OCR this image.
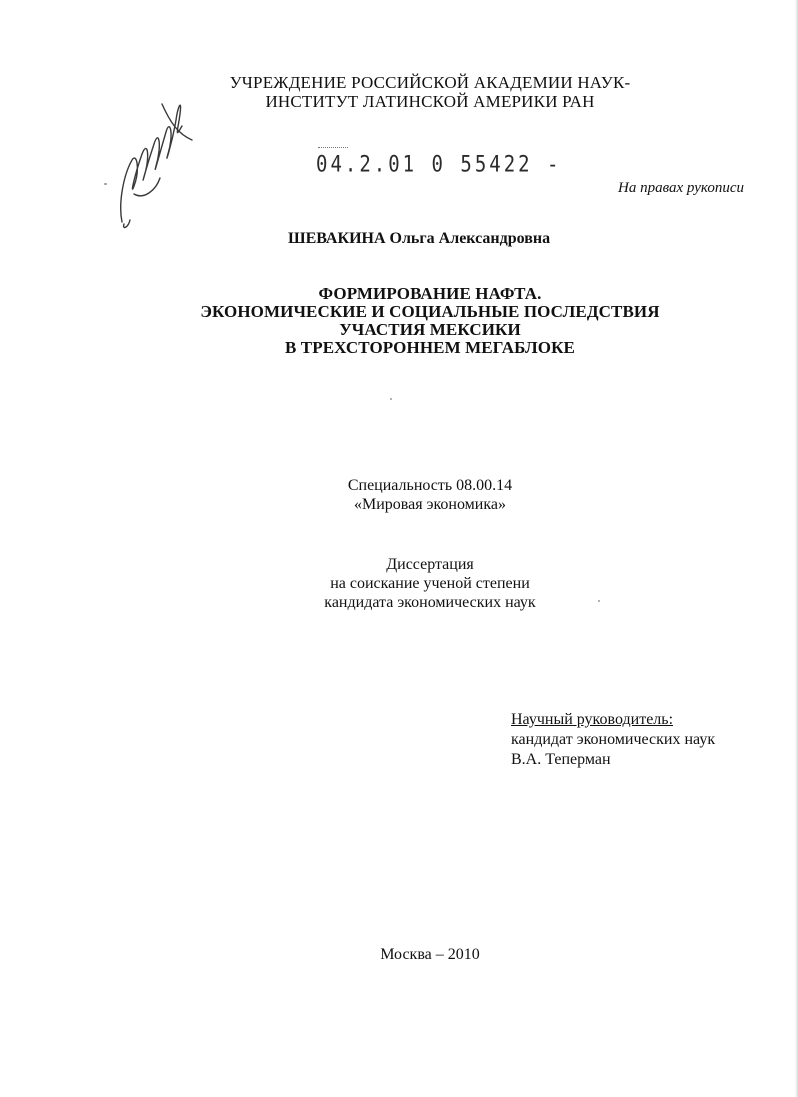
УЧРЕЖДЕНИЕ РОССИЙСКОЙ АКАДЕМИИ НАУК-
ИНСТИТУТ ЛАТИНСКОЙ АМЕРИКИ РАН
04.2.01 0 55422 -
На правах рукописи
ШЕВАКИНА Ольга Александровна
ФОРМИРОВАНИЕ НАФТА.
ЭКОНОМИЧЕСКИЕ И СОЦИАЛЬНЫЕ ПОСЛЕДСТВИЯ
УЧАСТИЯ МЕКСИКИ
В ТРЕХСТОРОННЕМ МЕГАБЛОКЕ
Специальность 08.00.14
«Мировая экономика»
Диссертация
на соискание ученой степени
кандидата экономических наук
Научный руководитель:
кандидат экономических наук
В.А. Теперман
Москва – 2010
